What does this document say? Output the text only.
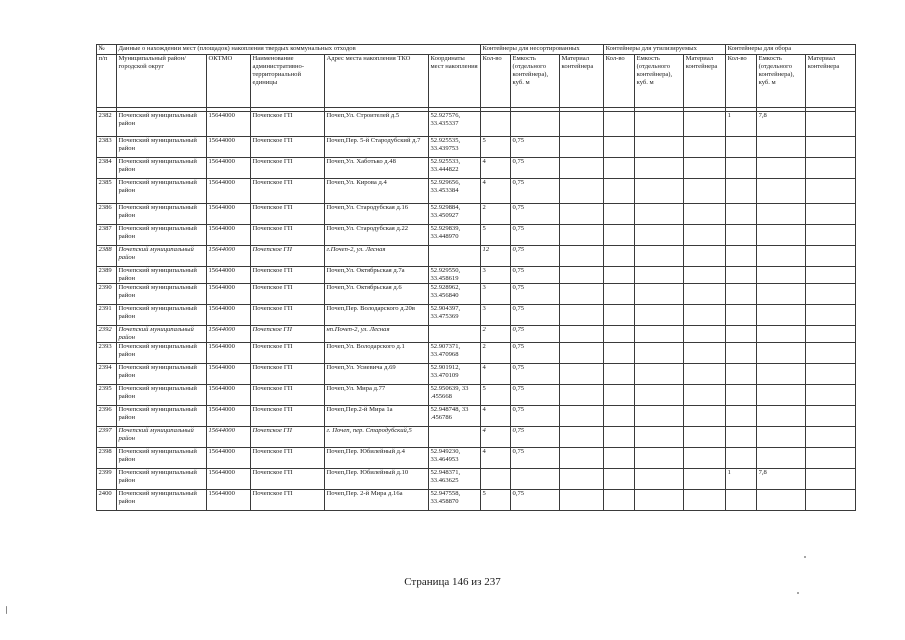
№	Данные о нахождении мест (площадок) накопления твердых коммунальных отходов					Контейнеры для несортированных			Контейнеры для утилизируемых			Контейнеры для обора		
п/п	Муниципальный район/городской округ	ОКТМО	Наименование административно-территориальной единицы	Адрес места накопления ТКО	Координаты мест накопления	Кол-во	Емкость (отдельного контейнера), куб. м	Материал контейнера	Кол-во	Емкость (отдельного контейнера), куб. м	Материал контейнера	Кол-во	Емкость (отдельного контейнера), куб. м	Материал контейнера

2382	Почепский муниципальный район	15644000	Почепское ГП	Почеп,Ул. Строителей д.5	52.927576, 33.435337							1	7,8	
2383	Почепский муниципальный район	15644000	Почепское ГП	Почеп,Пер. 5-й Стародубский д.7	52.925535, 33.439753	5	0,75							
2384	Почепский муниципальный район	15644000	Почепское ГП	Почеп,Ул. Хаботько д.48	52.925533, 33.444822	4	0,75							
2385	Почепский муниципальный район	15644000	Почепское ГП	Почеп,Ул. Кирова д.4	52.929656, 33.453384	4	0,75							
2386	Почепский муниципальный район	15644000	Почепское ГП	Почеп,Ул. Стародубская д.16	52.929884, 33.450927	2	0,75							
2387	Почепский муниципальный район	15644000	Почепское ГП	Почеп,Ул. Стародубская д.22	52.929839, 33.448970	5	0,75							
2388	Почепский муниципальный район	15644000	Почепское ГП	г.Почеп-2, ул. Лесная		12	0,75							
2389	Почепский муниципальный район	15644000	Почепское ГП	Почеп,Ул. Октябрьская д.7а	52.929550, 33.458619	3	0,75							
2390	Почепский муниципальный район	15644000	Почепское ГП	Почеп,Ул. Октябрьская д.6	52.928962, 33.456840	3	0,75							
2391	Почепский муниципальный район	15644000	Почепское ГП	Почеп,Пер. Володарского д.20в	52.904397, 33.475369	3	0,75							
2392	Почепский муниципальный район	15644000	Почепское ГП	нп.Почеп-2, ул. Лесная		2	0,75							
2393	Почепский муниципальный район	15644000	Почепское ГП	Почеп,Ул. Володарского д.1	52.907371, 33.470968	2	0,75							
2394	Почепский муниципальный район	15644000	Почепское ГП	Почеп,Ул. Усиевича д.69	52.901912, 33.470109	4	0,75							
2395	Почепский муниципальный район	15644000	Почепское ГП	Почеп,Ул. Мира д.77	52.950639, 33 .455668	5	0,75							
2396	Почепский муниципальный район	15644000	Почепское ГП	Почеп,Пер.2-й Мира 1а	52.948748, 33 .456786	4	0,75							
2397	Почепский муниципальный район	15644000	Почепское ГП	г. Почеп, пер. Стародубский,5		4	0,75							
2398	Почепский муниципальный район	15644000	Почепское ГП	Почеп,Пер. Юбилейный д.4	52.949230, 33.464953	4	0,75							
2399	Почепский муниципальный район	15644000	Почепское ГП	Почеп,Пер. Юбилейный д.10	52.948371, 33.463625							1	7,8	
2400	Почепский муниципальный район	15644000	Почепское ГП	Почеп,Пер. 2-й Мира д.16а	52.947558, 33.458870	5	0,75							
Страница 146 из 237
